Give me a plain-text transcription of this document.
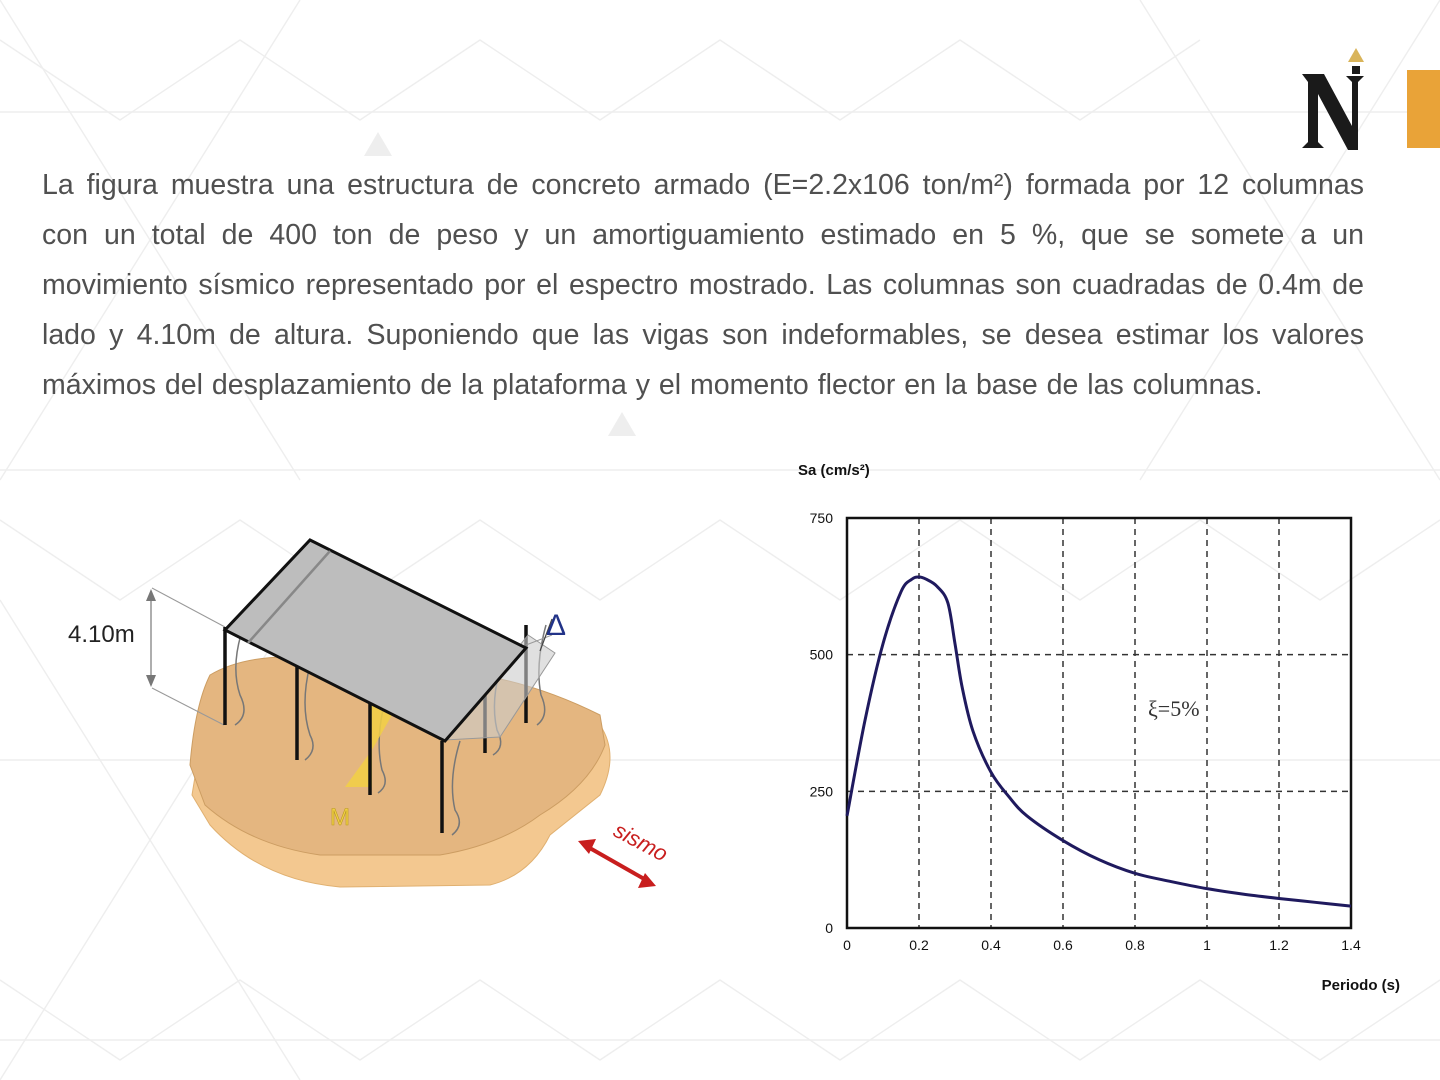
La figura muestra una estructura de concreto armado (E=2.2x106 ton/m²) formada por 12 columnas con un total de 400 ton de peso y un amortiguamiento estimado en 5 %, que se somete a un movimiento sísmico representado por el espectro mostrado. Las columnas son cuadradas de 0.4m de lado y 4.10m de altura. Suponiendo que las vigas son indeformables, se desea estimar los valores máximos del desplazamiento de la plataforma y el momento flector en la base de las columnas.

4.10m
M
Δ
sismo
0
250
500
750
0	0.2	0.4	0.6	0.8	1	1.2	1.4
Sa (cm/s²)
Periodo (s)
ξ=5%
